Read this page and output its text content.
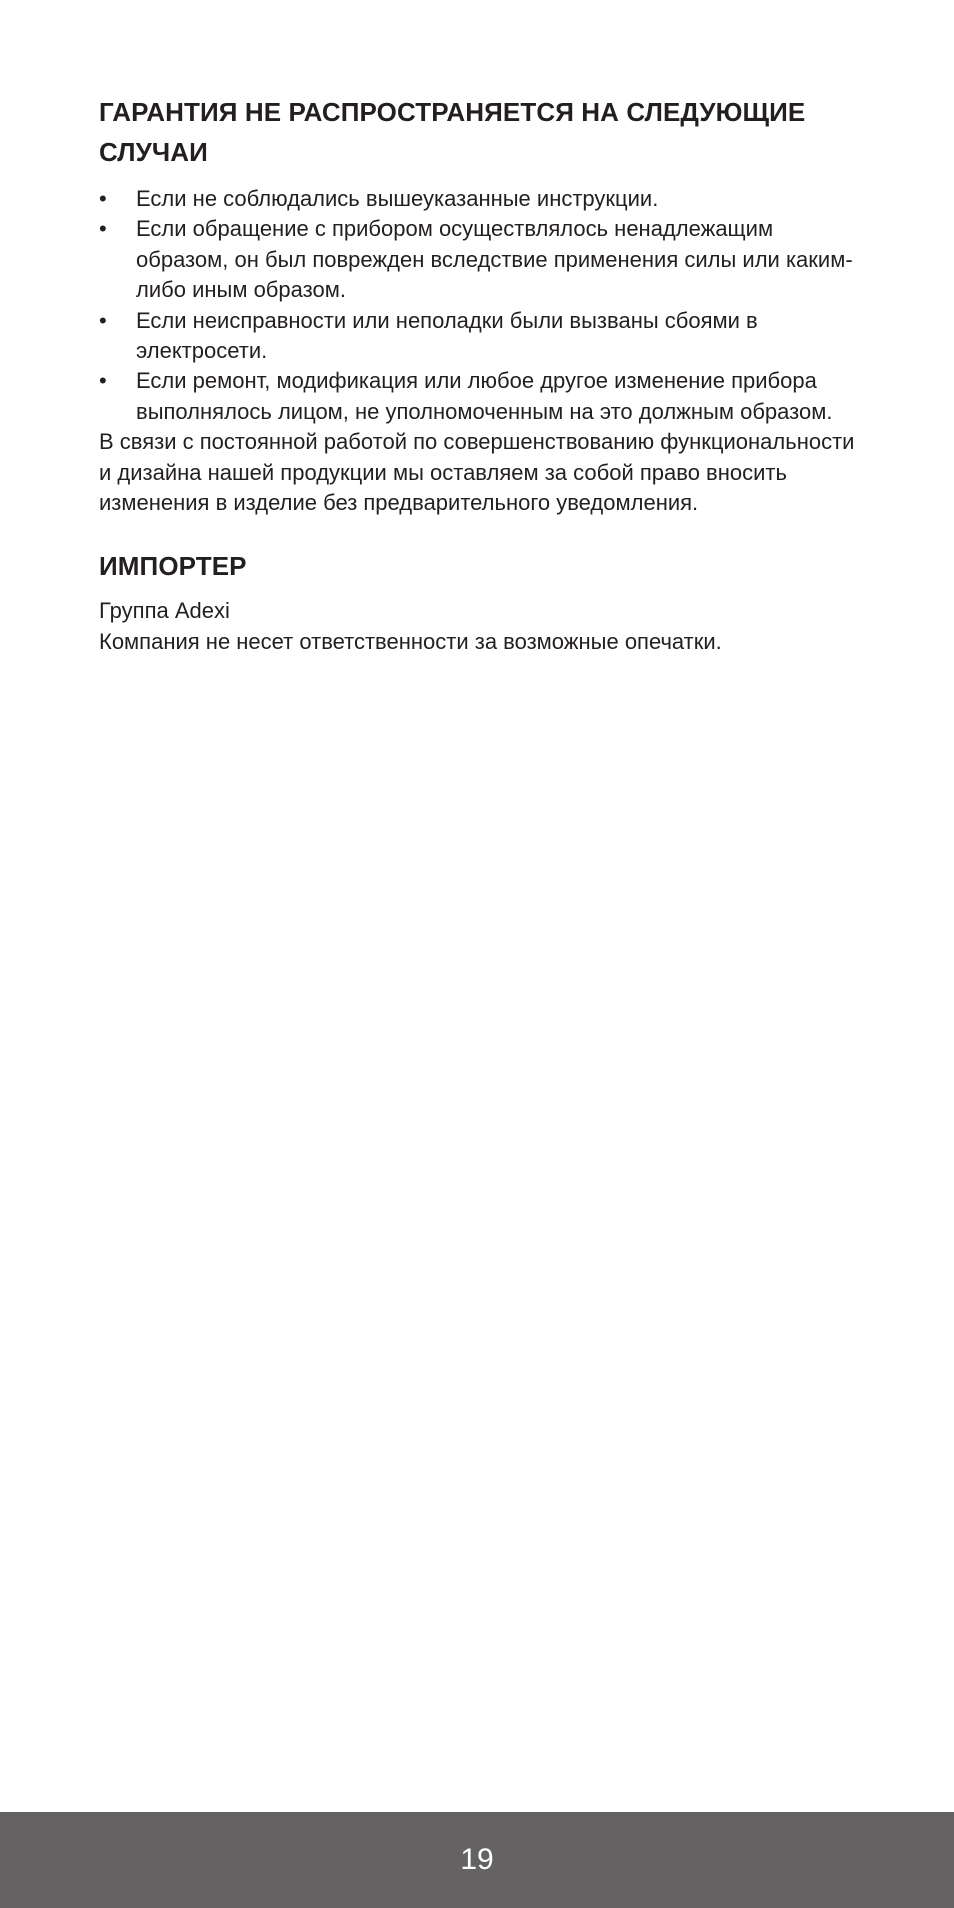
ГАРАНТИЯ НЕ РАСПРОСТРАНЯЕТСЯ НА СЛЕДУЮЩИЕ СЛУЧАИ
• Если не соблюдались вышеуказанные инструкции.
• Если обращение с прибором осуществлялось ненадлежащим образом, он был поврежден вследствие применения силы или каким-либо иным образом.
• Если неисправности или неполадки были вызваны сбоями в электросети.
• Если ремонт, модификация или любое другое изменение прибора выполнялось лицом, не уполномоченным на это должным образом.

В связи с постоянной работой по совершенствованию функциональности и дизайна нашей продукции мы оставляем за собой право вносить изменения в изделие без предварительного уведомления.

ИМПОРТЕР

Группа Adexi

Компания не несет ответственности за возможные опечатки.

19
